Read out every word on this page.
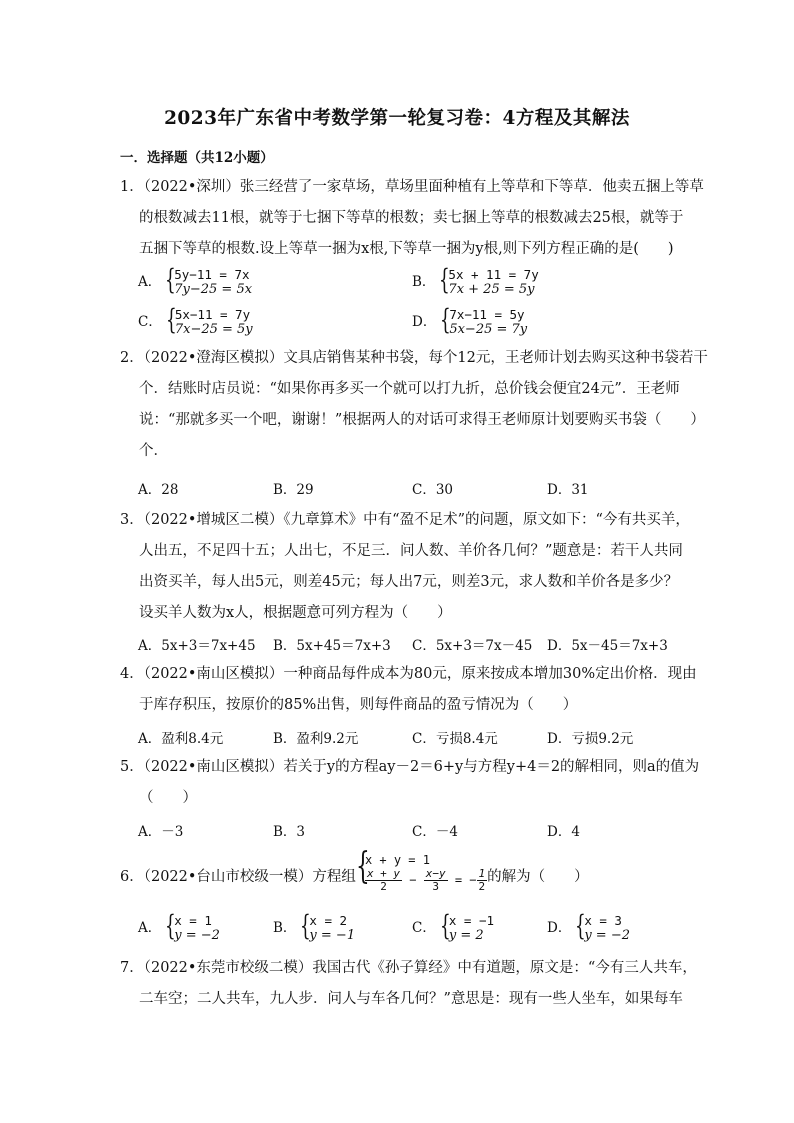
2023年广东省中考数学第一轮复习卷：4方程及其解法
一．选择题（共12小题）
1．（2022•深圳）张三经营了一家草场，草场里面种植有上等草和下等草．他卖五捆上等草
的根数减去11根，就等于七捆下等草的根数；卖七捆上等草的根数减去25根，就等于
五捆下等草的根数.设上等草一捆为x根,下等草一捆为y根,则下列方程正确的是(　　)
A． {
5y−11 = 7x
7y−25 = 5x	B． {
5x + 11 = 7y
7x + 25 = 5y
C． {
5x−11 = 7y
7x−25 = 5y	D． {
7x−11 = 5y
5x−25 = 7y
2．（2022•澄海区模拟）文具店销售某种书袋，每个12元，王老师计划去购买这种书袋若干
个．结账时店员说：“如果你再多买一个就可以打九折，总价钱会便宜24元”．王老师
说：“那就多买一个吧，谢谢！”根据两人的对话可求得王老师原计划要购买书袋（　　）
个．
A．28	B．29	C．30	D．31
3．（2022•增城区二模）《九章算术》中有“盈不足术”的问题，原文如下：“今有共买羊，
人出五，不足四十五；人出七，不足三．问人数、羊价各几何？”题意是：若干人共同
出资买羊，每人出5元，则差45元；每人出7元，则差3元，求人数和羊价各是多少？
设买羊人数为x人，根据题意可列方程为（　　）
A．5x+3＝7x+45 B．5x+45＝7x+3 C．5x+3＝7x－45 D．5x－45＝7x+3
4．（2022•南山区模拟）一种商品每件成本为80元，原来按成本增加30%定出价格．现由
于库存积压，按原价的85%出售，则每件商品的盈亏情况为（　　）
A．盈利8.4元	B．盈利9.2元	C．亏损8.4元	D．亏损9.2元
5．（2022•南山区模拟）若关于y的方程ay－2＝6+y与方程y+4＝2的解相同，则a的值为
（　　）
A．－3	B．3	C．－4	D．4
6．（2022•台山市校级一模）方程组 {
x + y = 1
$\frac{x + y}{2} - \frac{x-y}{3}$ = − $\frac{1}{2}$ 的解为（　　）
A． {
x = 1
y = −2	B． {
x = 2
y = −1	C． {
x = −1
y = 2	D． {
x = 3
y = −2
7．（2022•东莞市校级二模）我国古代《孙子算经》中有道题，原文是：“今有三人共车，
二车空；二人共车，九人步．问人与车各几何？”意思是：现有一些人坐车，如果每车
